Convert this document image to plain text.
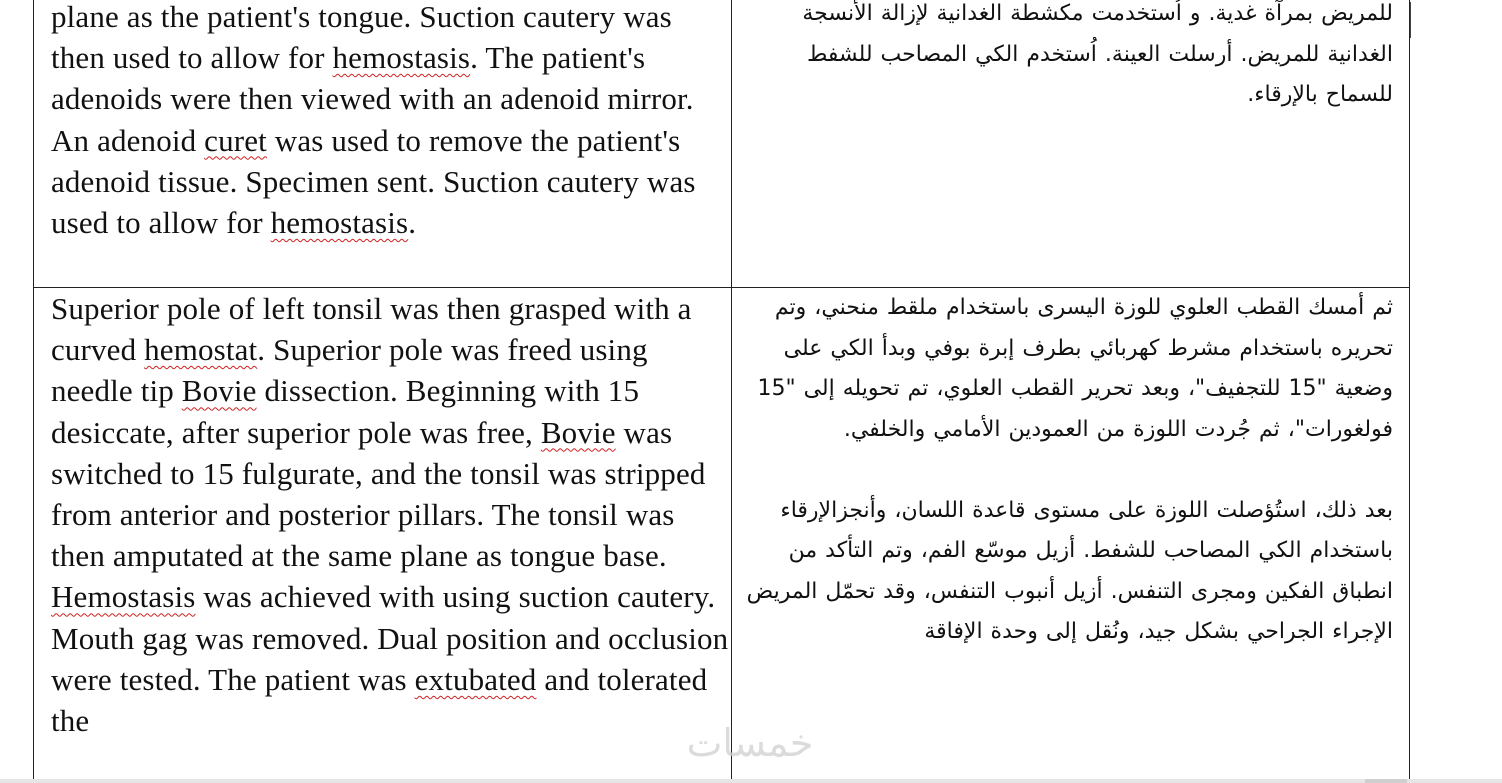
plane as the patient's tongue. Suction cautery was then used to allow for hemostasis. The patient's adenoids were then viewed with an adenoid mirror. An adenoid curet was used to remove the patient's adenoid tissue. Specimen sent. Suction cautery was used to allow for hemostasis.

للمريض بمرآة غدية. و اُستخدمت مكشطة الغدانية لإزالة الأنسجة الغدانية للمريض. أرسلت العينة. اُستخدم الكي المصاحب للشفط للسماح بالإرقاء.

Superior pole of left tonsil was then grasped with a curved hemostat. Superior pole was freed using needle tip Bovie dissection. Beginning with 15 desiccate, after superior pole was free, Bovie was switched to 15 fulgurate, and the tonsil was stripped from anterior and posterior pillars. The tonsil was then amputated at the same plane as tongue base. Hemostasis was achieved with using suction cautery. Mouth gag was removed. Dual position and occlusion were tested. The patient was extubated and tolerated the

ثم أمسك القطب العلوي للوزة اليسرى باستخدام ملقط منحني، وتم تحريره باستخدام مشرط كهربائي بطرف إبرة بوفي وبدأ الكي على وضعية "15 للتجفيف"، وبعد تحرير القطب العلوي، تم تحويله إلى "15 فولغورات"، ثم جُردت اللوزة من العمودين الأمامي والخلفي.

بعد ذلك، استُؤصلت اللوزة على مستوى قاعدة اللسان، وأنجزالإرقاء باستخدام الكي المصاحب للشفط. أزيل موسّع الفم، وتم التأكد من انطباق الفكين ومجرى التنفس. أزيل أنبوب التنفس، وقد تحمّل المريض الإجراء الجراحي بشكل جيد، ونُقل إلى وحدة الإفاقة

خمسات
